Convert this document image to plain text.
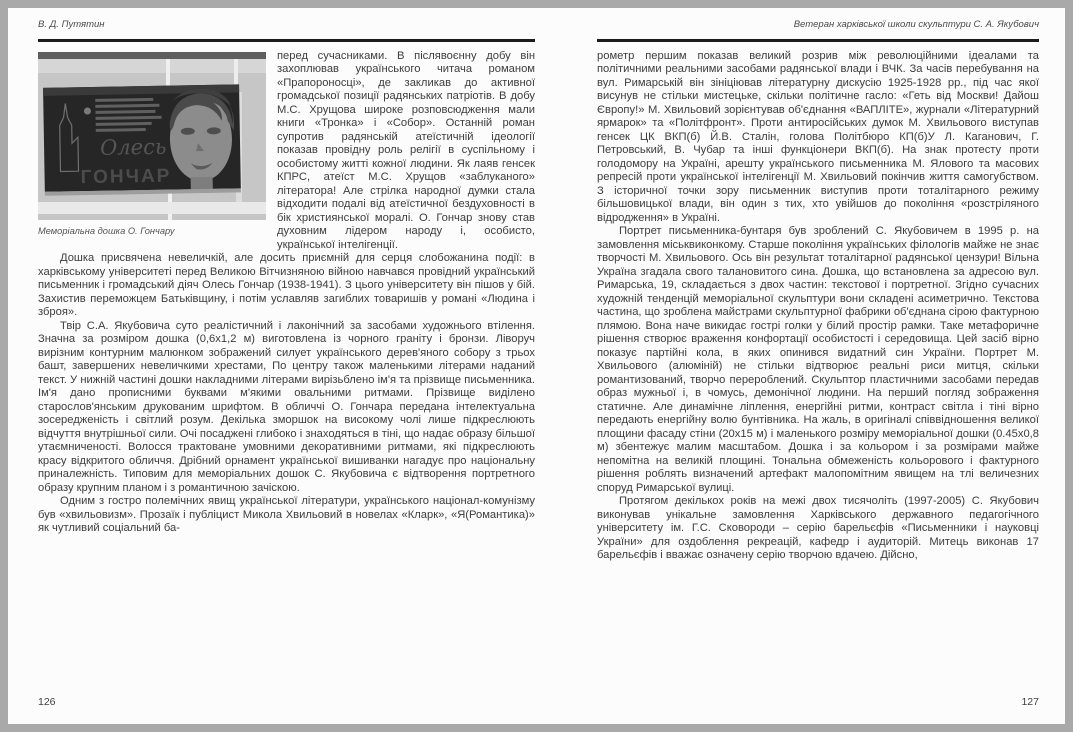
В. Д. Путятин
Олесь
ГОНЧАР
Меморіальна дошка О. Гончару

перед сучасниками. В післявоєнну добу він захоплював українського читача романом «Прапороносці», де закликав до активної громадської позиції радянських патріотів. В добу М.С. Хрущова широке розповсюдження мали книги «Тронка» і «Собор». Останній роман супротив радянській атеїстичній ідеології показав провідну роль релігії в суспільному і особистому житті кожної людини. Як лаяв генсек КПРС, атеїст М.С. Хрущов «заблуканого» літератора! Але стрілка народної думки стала відходити подалі від атеїстичної бездуховності в бік християнської моралі. О. Гончар знову став духовним лідером народу і, особисто, української інтелігенції.

Дошка присвячена невеличкій, але досить приємній для серця слобожанина події: в харківському університеті перед Великою Вітчизняною війною навчався провідний український письменник і громадський діяч Олесь Гончар (1938-1941). З цього університету він пішов у бій. Захистив переможцем Батьківщину, і потім уславляв загиблих товаришів у романі «Людина і зброя».

Твір С.А. Якубовича суто реалістичний і лаконічний за засобами художнього втілення. Значна за розміром дошка (0,6х1,2 м) виготовлена із чорного граніту і бронзи. Ліворуч вирізним контурним малюнком зображений силует українського дерев'яного собору з трьох башт, завершених невеличкими хрестами, По центру також маленькими літерами наданий текст. У нижній частині дошки накладними літерами вирізьблено ім'я та прізвище письменника. Ім'я дано прописними буквами м'якими овальними ритмами. Прізвище виділено старослов'янським друкованим шрифтом. В обличчі О. Гончара передана інтелектуальна зосередженість і світлий розум. Декілька зморшок на високому чолі лише підкреслюють відчуття внутрішньої сили. Очі посаджені глибоко і знаходяться в тіні, що надає образу більшої утаємниченості. Волосся трактоване умовними декоративними ритмами, які підкреслюють красу відкритого обличчя. Дрібний орнамент української вишиванки нагадує про національну приналежність. Типовим для меморіальних дошок С. Якубовича є відтворення портретного образу крупним планом і з романтичною зачіскою.

Одним з гостро полемічних явищ української літератури, українського націонал-комунізму був «хвильовизм». Прозаїк і публіцист Микола Хвильовий в новелах «Кларк», «Я(Романтика)» як чутливий соціальний ба-

126
Ветеран харківської школи скульптури С. А. Якубович

рометр першим показав великий розрив між революційними ідеалами та політичними реальними засобами радянської влади і ВЧК. За часів перебування на вул. Римарській він зініціював літературну дискусію 1925-1928 рр., під час якої висунув не стільки мистецьке, скільки політичне гасло: «Геть від Москви! Дайош Європу!» М. Хвильовий зорієнтував об'єднання «ВАПЛІТЕ», журнали «Літературний ярмарок» та «Політфронт». Проти антиросійських думок М. Хвильового виступав генсек ЦК ВКП(б) Й.В. Сталін, голова Політбюро КП(б)У Л. Каганович, Г. Петровський, В. Чубар та інші функціонери ВКП(б). На знак протесту проти голодомору на Україні, арешту українського письменника М. Ялового та масових репресій проти української інтелігенції М. Хвильовий покінчив життя самогубством. З історичної точки зору письменник виступив проти тоталітарного режиму більшовицької влади, він один з тих, хто увійшов до покоління «розстріляного відродження» в Україні.

Портрет письменника-бунтаря був зроблений С. Якубовичем в 1995 р. на замовлення міськвиконкому. Старше покоління українських філологів майже не знає творчості М. Хвильового. Ось він результат тоталітарної радянської цензури! Вільна Україна згадала свого талановитого сина. Дошка, що встановлена за адресою вул. Римарська, 19, складається з двох частин: текстової і портретної. Згідно сучасних художній тенденцій меморіальної скульптури вони складені асиметрично. Текстова частина, що зроблена майстрами скульптурної фабрики об'єднана сірою фактурною плямою. Вона наче викидає гострі голки у білий простір рамки. Таке метафоричне рішення створює враження конфортації особистості і середовища. Цей засіб вірно показує партійні кола, в яких опинився видатний син України. Портрет М. Хвильового (алюміній) не стільки відтворює реальні риси митця, скільки романтизований, творчо перероблений. Скульптор пластичними засобами передав образ мужньої і, в чомусь, демонічної людини. На перший погляд зображення статичне. Але динамічне ліплення, енергійні ритми, контраст світла і тіні вірно передають енергійну волю бунтівника. На жаль, в оригіналі співвідношення великої площини фасаду стіни (20х15 м) і маленького розміру меморіальної дошки (0.45х0,8 м) збентежує малим масштабом. Дошка і за кольором і за розмірами майже непомітна на великій площині. Тональна обмеженість кольорового і фактурного рішення роблять визначений артефакт малопомітним явищем на тлі величезних споруд Римарської вулиці.

Протягом декількох років на межі двох тисячоліть (1997-2005) С. Якубович виконував унікальне замовлення Харківського державного педагогічного університету ім. Г.С. Сковороди – серію барельєфів «Письменники і науковці України» для оздоблення рекреацій, кафедр і аудиторій. Митець виконав 17 барельєфів і вважає означену серію творчою вдачею. Дійсно,

127
